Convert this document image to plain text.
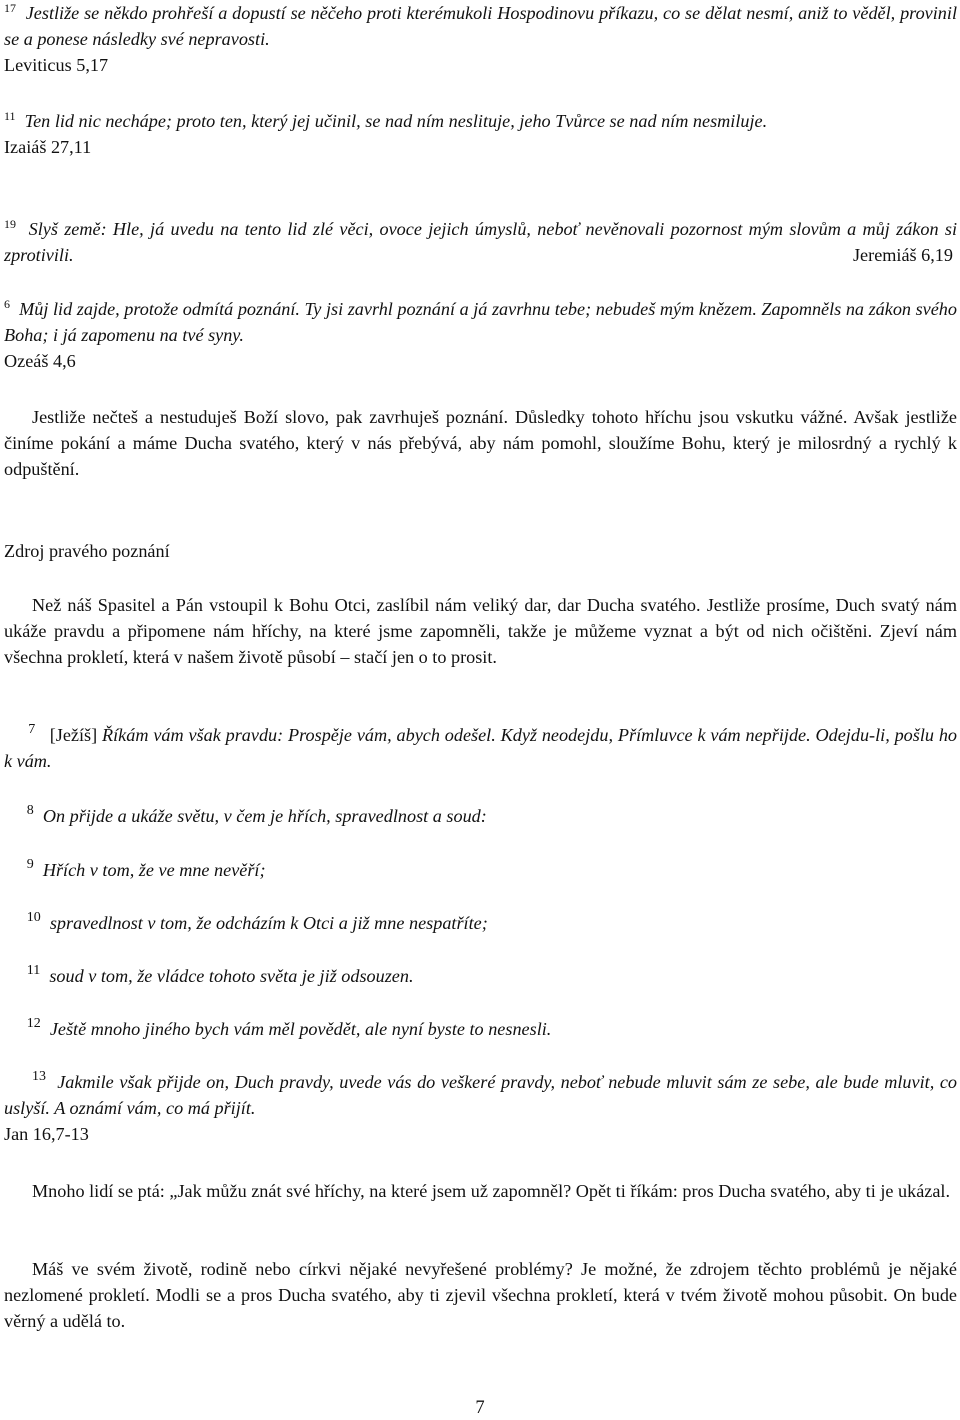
$^{17}$ Jestliže se někdo prohřeší a dopustí se něčeho proti kterémukoli Hospodinovu příkazu, co se dělat nesmí, aniž to věděl, provinil se a ponese následky své nepravosti.
Leviticus 5,17
$^{11}$ Ten lid nic nechápe; proto ten, který jej učinil, se nad ním neslituje, jeho Tvůrce se nad ním nesmiluje.
Izaiáš 27,11
$^{19}$ Slyš země: Hle, já uvedu na tento lid zlé věci, ovoce jejich úmyslů, neboť nevěnovali pozornost mým slovům a můj zákon si zprotivili.	Jeremiáš 6,19
$^6$ Můj lid zajde, protože odmítá poznání. Ty jsi zavrhl poznání a já zavrhnu tebe; nebudeš mým knězem. Zapomněls na zákon svého Boha; i já zapomenu na tvé syny.
Ozeáš 4,6

Jestliže nečteš a nestuduješ Boží slovo, pak zavrhuješ poznání. Důsledky tohoto hříchu jsou vskutku vážné. Avšak jestliže činíme pokání a máme Ducha svatého, který v nás přebývá, aby nám pomohl, sloužíme Bohu, který je milosrdný a rychlý k odpuštění.

Zdroj pravého poznání

Než náš Spasitel a Pán vstoupil k Bohu Otci, zaslíbil nám veliký dar, dar Ducha svatého. Jestliže prosíme, Duch svatý nám ukáže pravdu a připomene nám hříchy, na které jsme zapomněli, takže je můžeme vyznat a být od nich očištěni. Zjeví nám všechna prokletí, která v našem životě působí – stačí jen o to prosit.

$^7$ [Ježíš] Říkám vám však pravdu: Prospěje vám, abych odešel. Když neodejdu, Přímluvce k vám nepřijde. Odejdu-li, pošlu ho k vám.
$^8$ On přijde a ukáže světu, v čem je hřích, spravedlnost a soud:
$^9$ Hřích v tom, že ve mne nevěří;
$^{10}$ spravedlnost v tom, že odcházím k Otci a již mne nespatříte;
$^{11}$ soud v tom, že vládce tohoto světa je již odsouzen.
$^{12}$ Ještě mnoho jiného bych vám měl povědět, ale nyní byste to nesnesli.
$^{13}$ Jakmile však přijde on, Duch pravdy, uvede vás do veškeré pravdy, neboť nebude mluvit sám ze sebe, ale bude mluvit, co uslyší. A oznámí vám, co má přijít.
Jan 16,7-13

Mnoho lidí se ptá: „Jak můžu znát své hříchy, na které jsem už zapomněl? Opět ti říkám: pros Ducha svatého, aby ti je ukázal.

Máš ve svém životě, rodině nebo církvi nějaké nevyřešené problémy? Je možné, že zdrojem těchto problémů je nějaké nezlomené prokletí. Modli se a pros Ducha svatého, aby ti zjevil všechna prokletí, která v tvém životě mohou působit. On bude věrný a udělá to.

7
